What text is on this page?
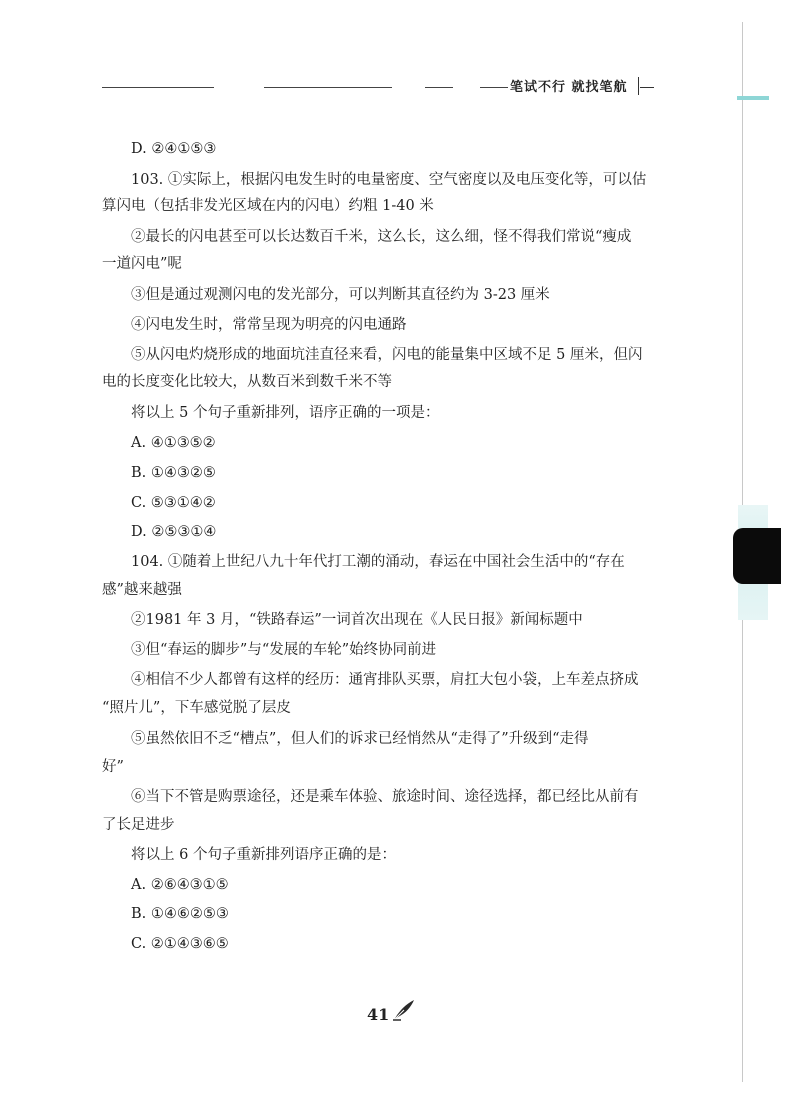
笔试不行 就找笔航
D. ②④①⑤③
103. ①实际上，根据闪电发生时的电量密度、空气密度以及电压变化等，可以估
算闪电（包括非发光区域在内的闪电）约粗 1-40 米
②最长的闪电甚至可以长达数百千米，这么长，这么细，怪不得我们常说“瘦成
一道闪电”呢
③但是通过观测闪电的发光部分，可以判断其直径约为 3-23 厘米
④闪电发生时，常常呈现为明亮的闪电通路
⑤从闪电灼烧形成的地面坑洼直径来看，闪电的能量集中区域不足 5 厘米，但闪
电的长度变化比较大，从数百米到数千米不等
将以上 5 个句子重新排列，语序正确的一项是：
A. ④①③⑤②
B. ①④③②⑤
C. ⑤③①④②
D. ②⑤③①④
104. ①随着上世纪八九十年代打工潮的涌动，春运在中国社会生活中的“存在
感”越来越强
②1981 年 3 月，“铁路春运”一词首次出现在《人民日报》新闻标题中
③但“春运的脚步”与“发展的车轮”始终协同前进
④相信不少人都曾有这样的经历：通宵排队买票，肩扛大包小袋，上车差点挤成
“照片儿”，下车感觉脱了层皮
⑤虽然依旧不乏“槽点”，但人们的诉求已经悄然从“走得了”升级到“走得
好”
⑥当下不管是购票途径，还是乘车体验、旅途时间、途径选择，都已经比从前有
了长足进步
将以上 6 个句子重新排列语序正确的是：
A. ②⑥④③①⑤
B. ①④⑥②⑤③
C. ②①④③⑥⑤
41
